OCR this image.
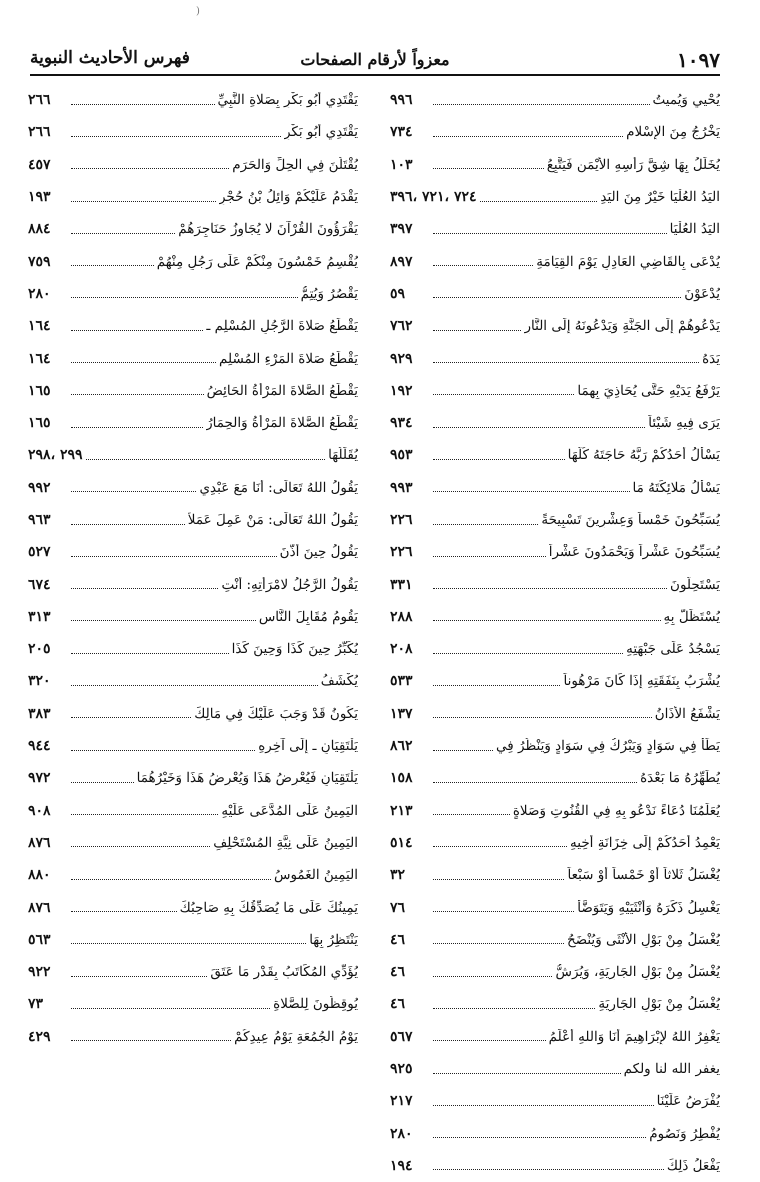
(
١٠٩٧
معزواً لأرقام الصفحات
فهرس الأحاديث النبوية
يُحْيي وَيُميتُ
٩٩٦
يَخْرُجُ مِنَ الإِسْلامِ
٧٣٤
يُخَلِّلُ بِهَا شِقَّ رَأْسِهِ الأَيْمَنِ فَيَتَّبِعُ
١٠٣
اليَدُ العُلْيَا خَيْرٌ مِنَ اليَدِ
٧٢٤ ،٧٢١ ،٣٩٦
اليَدُ العُلْيَا
٣٩٧
يُدْعَى بِالقَاضِي العَادِلِ يَوْمَ القِيَامَةِ
٨٩٧
يُدْعَوْنَ
٥٩
يَدْعُوهُمْ إِلَى الجَنَّةِ وَيَدْعُونَهُ إِلَى النَّارِ
٧٦٢
يَدَهُ
٩٢٩
يَرْفَعُ يَدَيْهِ حَتَّى يُحَاذِيَ بِهِمَا
١٩٢
يَرَى فِيهِ شَيْئاً
٩٣٤
يَسْأَلُ أَحَدُكُمْ رَبَّهُ حَاجَتَهُ كُلَّهَا
٩٥٣
يَسْأَلُ مَلائِكَتَهُ مَا
٩٩٣
يُسَبِّحُونَ خَمْساً وَعِشْرِينَ تَسْبِيحَةً
٢٢٦
يُسَبِّحُونَ عَشْراً وَيَحْمَدُونَ عَشْراً
٢٢٦
يَسْتَحِلُّونَ
٣٣١
يُسْتَظَلُّ بِهِ
٢٨٨
يَسْجُدُ عَلَى جَبْهَتِهِ
٢٠٨
يُشْرَبُ بِنَفَقَتِهِ إِذَا كَانَ مَرْهُوناً
٥٣٣
يَشْفَعُ الأَذَانُ
١٣٧
يَطَأُ فِي سَوَادٍ وَيَبْرُكُ فِي سَوَادٍ وَيَنْظُرُ فِي
٨٦٢
يُطَهِّرُهُ مَا بَعْدَهُ
١٥٨
يُعَلِّمُنَا دُعَاءً نَدْعُو بِهِ فِي القُنُوتِ وَصَلاةٍ
٢١٣
يَعْمِدُ أَحَدُكُمْ إِلَى خِزَانَةِ أَخِيهِ
٥١٤
يُغْسَلُ ثَلاثاً أَوْ خَمْساً أَوْ سَبْعاً
٣٢
يَغْسِلُ ذَكَرَهُ وَأُنْثَيَيْهِ وَيَتَوَضَّأُ
٧٦
يُغْسَلُ مِنْ بَوْلِ الأُنْثَى وَيُنْضَحُ
٤٦
يُغْسَلُ مِنْ بَوْلِ الجَارِيَةِ، وَيُرَشُّ
٤٦
يُغْسَلُ مِنْ بَوْلِ الجَارِيَةِ
٤٦
يَغْفِرُ اللهُ لإِبْرَاهِيمَ أَنَا وَاللهِ أَعْلَمُ
٥٦٧
يغفر الله لنا ولكم
٩٢٥
يُفْرَضُ عَلَيْنَا
٢١٧
يُفْطِرُ وَنَصُومُ
٢٨٠
يَفْعَلُ ذَلِكَ
١٩٤
يَقْتَدِي أَبُو بَكْرٍ بِصَلاةِ النَّبِيِّ
٢٦٦
يَقْتَدِي أَبُو بَكْرٍ
٢٦٦
يُقْتَلُنَ فِي الحِلِّ وَالحَرَمِ
٤٥٧
يَقْدَمُ عَلَيْكُمْ وَائِلُ بْنُ حُجْرٍ
١٩٣
يَقْرَؤُونَ القُرْآنَ لا يُجَاوِزُ حَنَاجِرَهُمْ
٨٨٤
يُقْسِمُ خَمْسُونَ مِنْكُمْ عَلَى رَجُلٍ مِنْهُمْ
٧٥٩
يَقْصُرُ وَيُتِمُّ
٢٨٠
يَقْطَعُ صَلاةَ الرَّجُلِ المُسْلِمِ ـ
١٦٤
يَقْطَعُ صَلاةَ المَرْءِ المُسْلِمِ
١٦٤
يَقْطَعُ الصَّلاةَ المَرْأَةُ الحَائِضُ
١٦٥
يَقْطَعُ الصَّلاةَ المَرْأَةُ وَالحِمَارُ
١٦٥
يُقَلِّلُهَا
٢٩٩ ،٢٩٨
يَقُولُ اللهُ تَعَالَى: أَنَا مَعَ عَبْدِي
٩٩٢
يَقُولُ اللهُ تَعَالَى: مَنْ عَمِلَ عَمَلاً
٩٦٣
يَقُولُ حِينَ أَذَّنَ
٥٢٧
يَقُولُ الرَّجُلُ لامْرَأَتِهِ: أَنْتِ
٦٧٤
يَقُومُ مُقَابِلَ النَّاسِ
٣١٣
يُكَبِّرُ حِينَ كَذَا وَحِينَ كَذَا
٢٠٥
يُكْشَفُ
٣٢٠
يَكُونُ قَدْ وَجَبَ عَلَيْكَ فِي مَالِكَ
٣٨٣
يَلْتَقِيَانِ ـ إِلَى آخِرِهِ
٩٤٤
يَلْتَقِيَانِ فَيُعْرِضُ هَذَا وَيُعْرِضُ هَذَا وَخَيْرُهُمَا
٩٧٢
اليَمِينُ عَلَى المُدَّعَى عَلَيْهِ
٩٠٨
اليَمِينُ عَلَى نِيَّةِ المُسْتَحْلِفِ
٨٧٦
اليَمِينُ الغَمُوسُ
٨٨٠
يَمِينُكَ عَلَى مَا يُصَدِّقُكَ بِهِ صَاحِبُكَ
٨٧٦
يَنْتَظِرُ بِهَا
٥٦٣
يُؤَدِّي المُكَاتَبُ بِقَدْرِ مَا عَتَقَ
٩٢٢
يُوقِظُونَ لِلصَّلاةِ
٧٣
يَوْمُ الجُمُعَةِ يَوْمُ عِيدِكُمْ
٤٢٩
